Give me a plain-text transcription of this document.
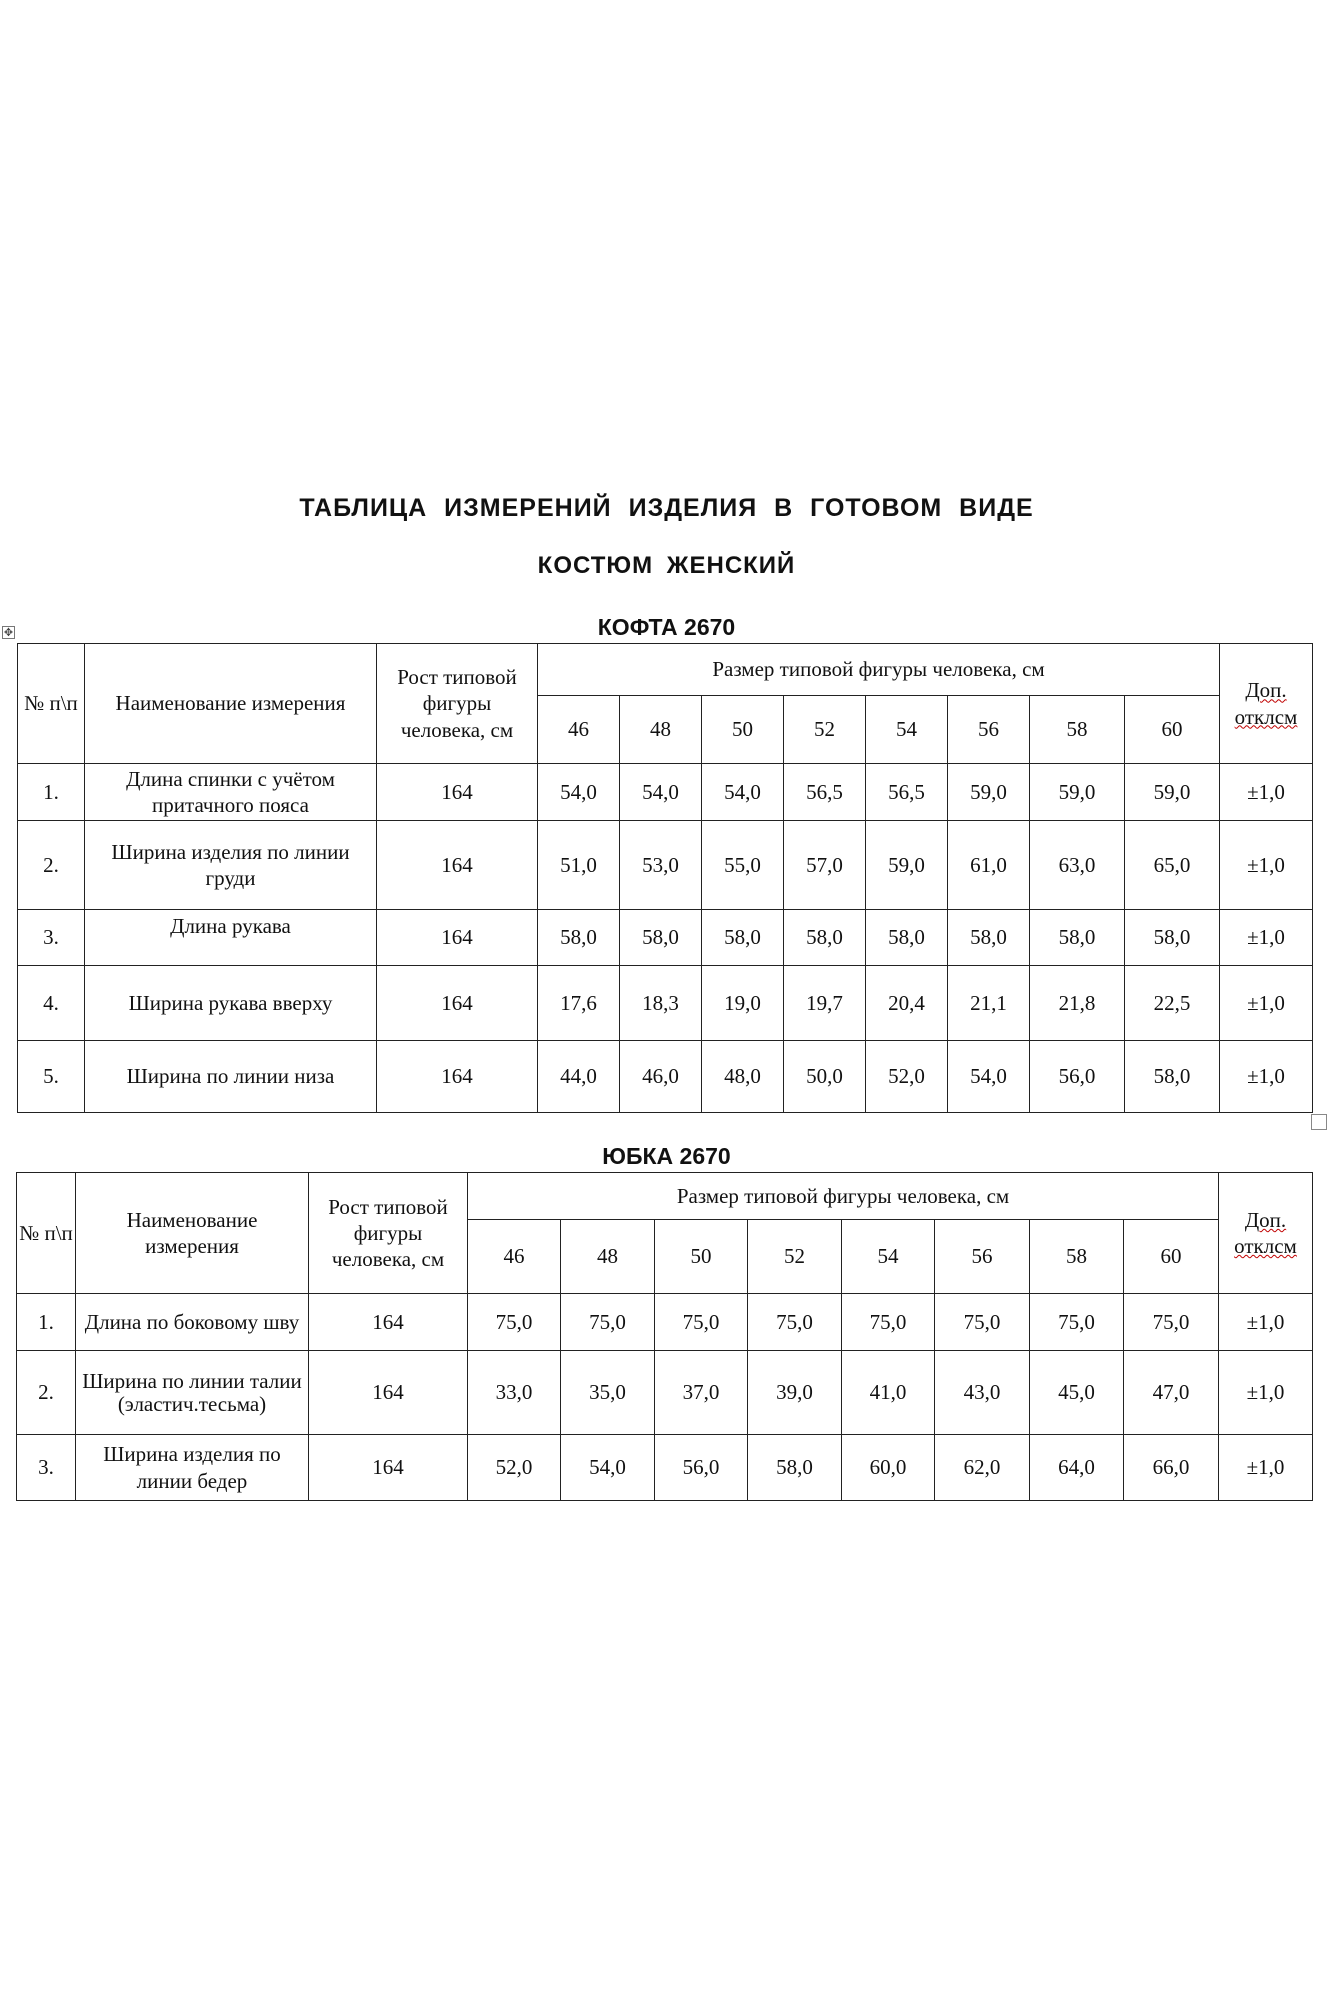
✥
ТАБЛИЦА ИЗМЕРЕНИЙ ИЗДЕЛИЯ В ГОТОВОМ ВИДЕ
КОСТЮМ ЖЕНСКИЙ
КОФТА 2670
№ п\п	Наименование измерения	Рост типовой фигуры человека, см	Размер типовой фигуры человека, см								Доп. отклсм
			46	48	50	52	54	56	58	60	
1.	Длина спинки с учётом притачного пояса	164	54,0	54,0	54,0	56,5	56,5	59,0	59,0	59,0	±1,0
2.	Ширина изделия по линии груди	164	51,0	53,0	55,0	57,0	59,0	61,0	63,0	65,0	±1,0
3.	Длина рукава	164	58,0	58,0	58,0	58,0	58,0	58,0	58,0	58,0	±1,0
4.	Ширина рукава вверху	164	17,6	18,3	19,0	19,7	20,4	21,1	21,8	22,5	±1,0
5.	Ширина по линии низа	164	44,0	46,0	48,0	50,0	52,0	54,0	56,0	58,0	±1,0
ЮБКА 2670
№ п\п	Наименование измерения	Рост типовой фигуры человека, см	Размер типовой фигуры человека, см								Доп. отклсм
			46	48	50	52	54	56	58	60	
1.	Длина по боковому шву	164	75,0	75,0	75,0	75,0	75,0	75,0	75,0	75,0	±1,0
2.	Ширина по линии талии (эластич.тесьма)	164	33,0	35,0	37,0	39,0	41,0	43,0	45,0	47,0	±1,0
3.	Ширина изделия по линии бедер	164	52,0	54,0	56,0	58,0	60,0	62,0	64,0	66,0	±1,0
